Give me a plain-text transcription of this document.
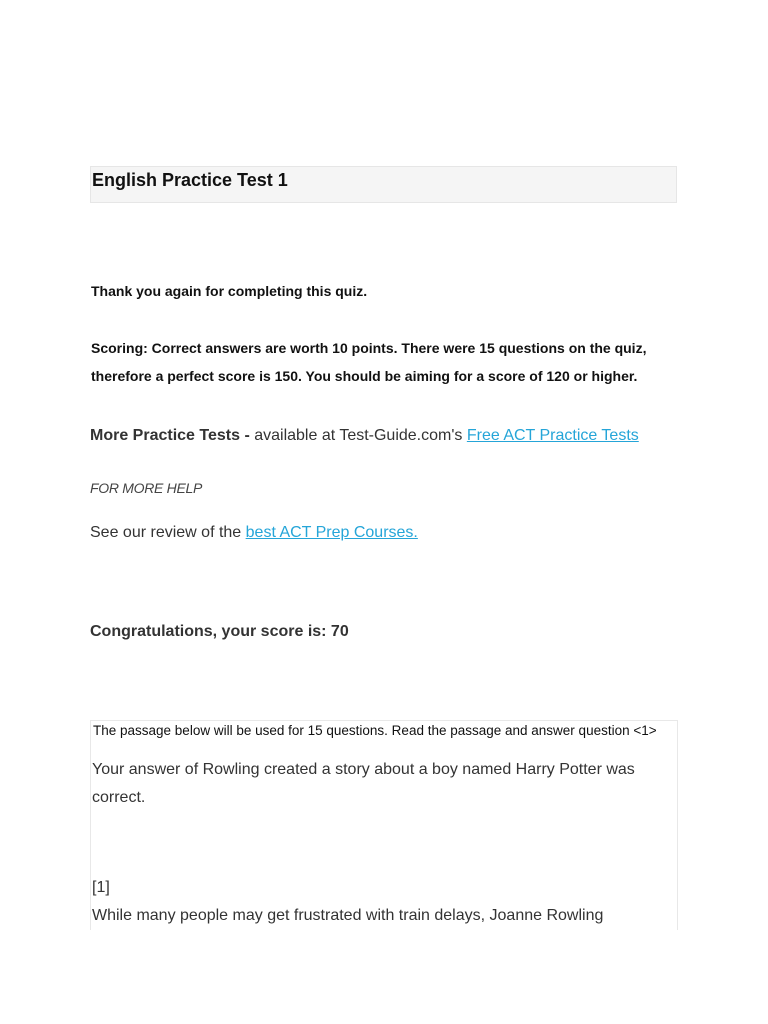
English Practice Test 1
Thank you again for completing this quiz.
Scoring: Correct answers are worth 10 points. There were 15 questions on the quiz, therefore a perfect score is 150. You should be aiming for a score of 120 or higher.
More Practice Tests - available at Test-Guide.com's Free ACT Practice Tests
FOR MORE HELP
See our review of the best ACT Prep Courses.
Congratulations, your score is: 70
The passage below will be used for 15 questions. Read the passage and answer question <1>
Your answer of Rowling created a story about a boy named Harry Potter was correct.
[1]
While many people may get frustrated with train delays, Joanne Rowling
